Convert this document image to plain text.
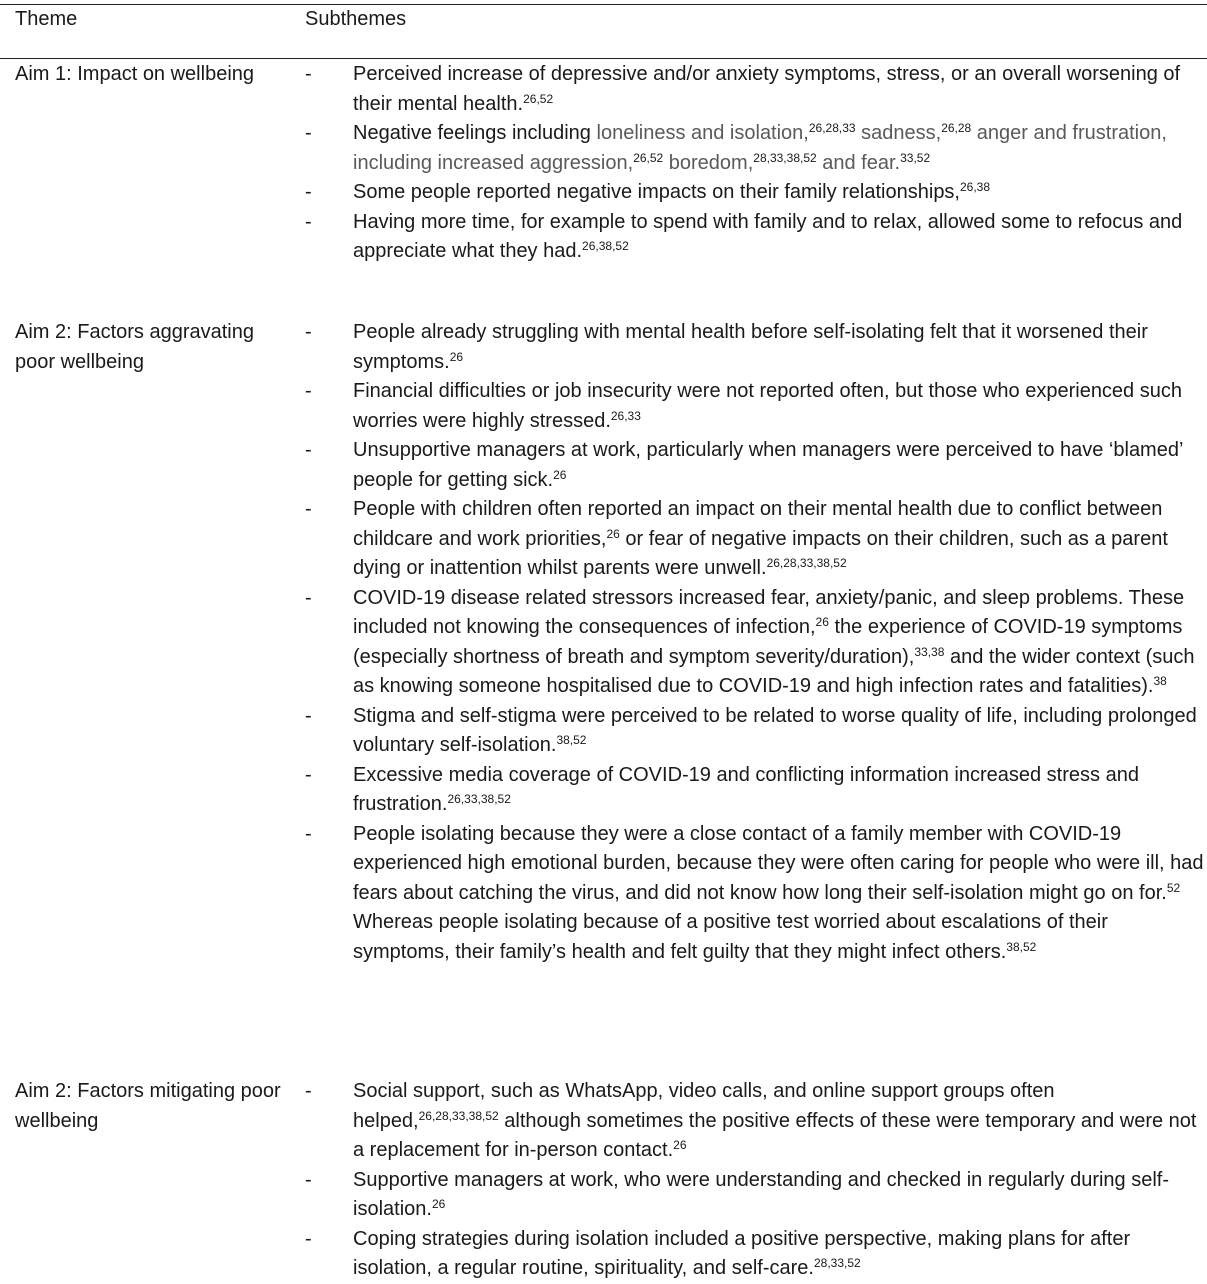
Theme	Subthemes
Aim 1: Impact on wellbeing	- Perceived increase of depressive and/or anxiety symptoms, stress, or an overall worsening of their mental health.$^{26,52}$
- Negative feelings including loneliness and isolation,$^{26,28,33}$ sadness,$^{26,28}$ anger and frustration, including increased aggression,$^{26,52}$ boredom,$^{28,33,38,52}$ and fear.$^{33,52}$
- Some people reported negative impacts on their family relationships,$^{26,38}$
- Having more time, for example to spend with family and to relax, allowed some to refocus and appreciate what they had.$^{26,38,52}$
Aim 2: Factors aggravating poor wellbeing
- People already struggling with mental health before self-isolating felt that it worsened their symptoms.$^{26}$
- Financial difficulties or job insecurity were not reported often, but those who experienced such worries were highly stressed.$^{26,33}$
- Unsupportive managers at work, particularly when managers were perceived to have ‘blamed’ people for getting sick.$^{26}$
- People with children often reported an impact on their mental health due to conflict between childcare and work priorities,$^{26}$ or fear of negative impacts on their children, such as a parent dying or inattention whilst parents were unwell.$^{26,28,33,38,52}$
- COVID-19 disease related stressors increased fear, anxiety/panic, and sleep problems. These included not knowing the consequences of infection,$^{26}$ the experience of COVID-19 symptoms (especially shortness of breath and symptom severity/duration),$^{33,38}$ and the wider context (such as knowing someone hospitalised due to COVID-19 and high infection rates and fatalities).$^{38}$
- Stigma and self-stigma were perceived to be related to worse quality of life, including prolonged voluntary self-isolation.$^{38,52}$
- Excessive media coverage of COVID-19 and conflicting information increased stress and frustration.$^{26,33,38,52}$
- People isolating because they were a close contact of a family member with COVID-19 experienced high emotional burden, because they were often caring for people who were ill, had fears about catching the virus, and did not know how long their self-isolation might go on for.$^{52}$ Whereas people isolating because of a positive test worried about escalations of their symptoms, their family’s health and felt guilty that they might infect others.$^{38,52}$
Aim 2: Factors mitigating poor wellbeing
- Social support, such as WhatsApp, video calls, and online support groups often helped,$^{26,28,33,38,52}$ although sometimes the positive effects of these were temporary and were not a replacement for in-person contact.$^{26}$
- Supportive managers at work, who were understanding and checked in regularly during self-isolation.$^{26}$
- Coping strategies during isolation included a positive perspective, making plans for after isolation, a regular routine, spirituality, and self-care.$^{28,33,52}$
